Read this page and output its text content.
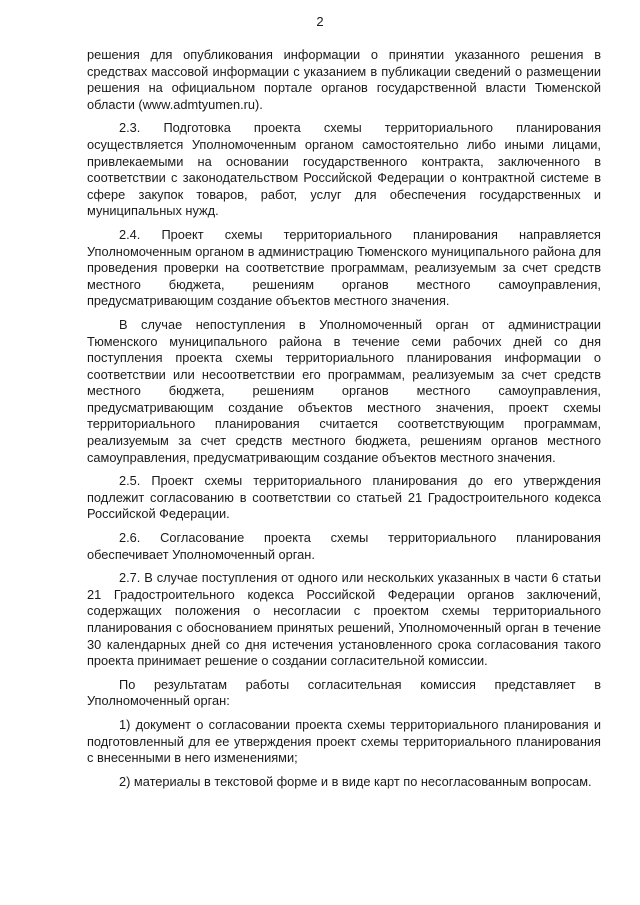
2

решения для опубликования информации о принятии указанного решения в средствах массовой информации с указанием в публикации сведений о размещении решения на официальном портале органов государственной власти Тюменской области (www.admtyumen.ru).

2.3. Подготовка проекта схемы территориального планирования осуществляется Уполномоченным органом самостоятельно либо иными лицами, привлекаемыми на основании государственного контракта, заключенного в соответствии с законодательством Российской Федерации о контрактной системе в сфере закупок товаров, работ, услуг для обеспечения государственных и муниципальных нужд.

2.4. Проект схемы территориального планирования направляется Уполномоченным органом в администрацию Тюменского муниципального района для проведения проверки на соответствие программам, реализуемым за счет средств местного бюджета, решениям органов местного самоуправления, предусматривающим создание объектов местного значения.

В случае непоступления в Уполномоченный орган от администрации Тюменского муниципального района в течение семи рабочих дней со дня поступления проекта схемы территориального планирования информации о соответствии или несоответствии его программам, реализуемым за счет средств местного бюджета, решениям органов местного самоуправления, предусматривающим создание объектов местного значения, проект схемы территориального планирования считается соответствующим программам, реализуемым за счет средств местного бюджета, решениям органов местного самоуправления, предусматривающим создание объектов местного значения.

2.5. Проект схемы территориального планирования до его утверждения подлежит согласованию в соответствии со статьей 21 Градостроительного кодекса Российской Федерации.

2.6. Согласование проекта схемы территориального планирования обеспечивает Уполномоченный орган.

2.7. В случае поступления от одного или нескольких указанных в части 6 статьи 21 Градостроительного кодекса Российской Федерации органов заключений, содержащих положения о несогласии с проектом схемы территориального планирования с обоснованием принятых решений, Уполномоченный орган в течение 30 календарных дней со дня истечения установленного срока согласования такого проекта принимает решение о создании согласительной комиссии.

По результатам работы согласительная комиссия представляет в Уполномоченный орган:

1) документ о согласовании проекта схемы территориального планирования и подготовленный для ее утверждения проект схемы территориального планирования с внесенными в него изменениями;

2) материалы в текстовой форме и в виде карт по несогласованным вопросам.
